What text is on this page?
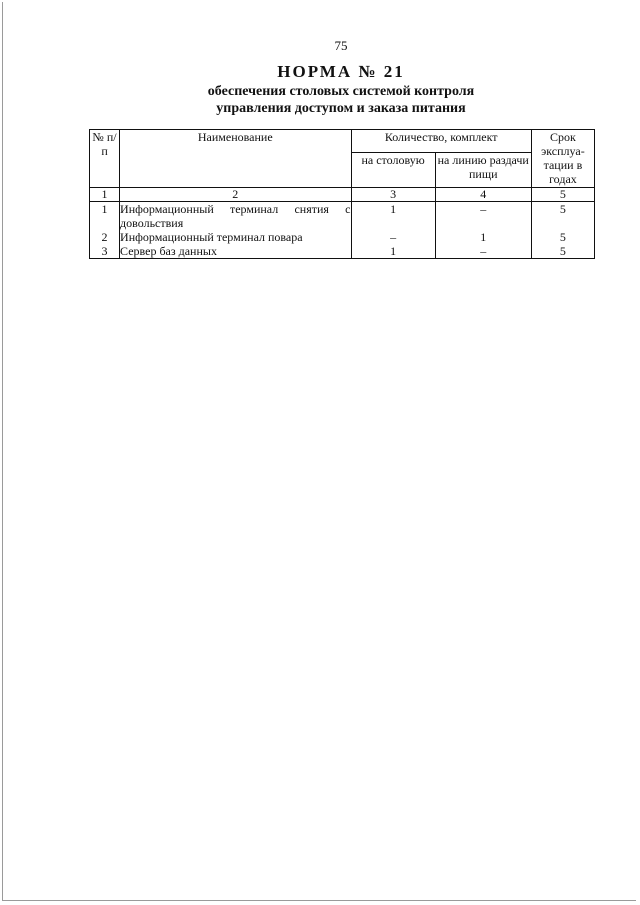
75
НОРМА № 21
обеспечения столовых системой контроля
управления доступом и заказа питания
№ п/п	Наименование	Количество, комплект		Срок эксплуа-тации в годах
		на столовую	на линию раздачи пищи	
1	2	3	4	5
1	Информационный терминал снятия с довольствия	1	–	5
2	Информационный терминал повара	–	1	5
3	Сервер баз данных	1	–	5
